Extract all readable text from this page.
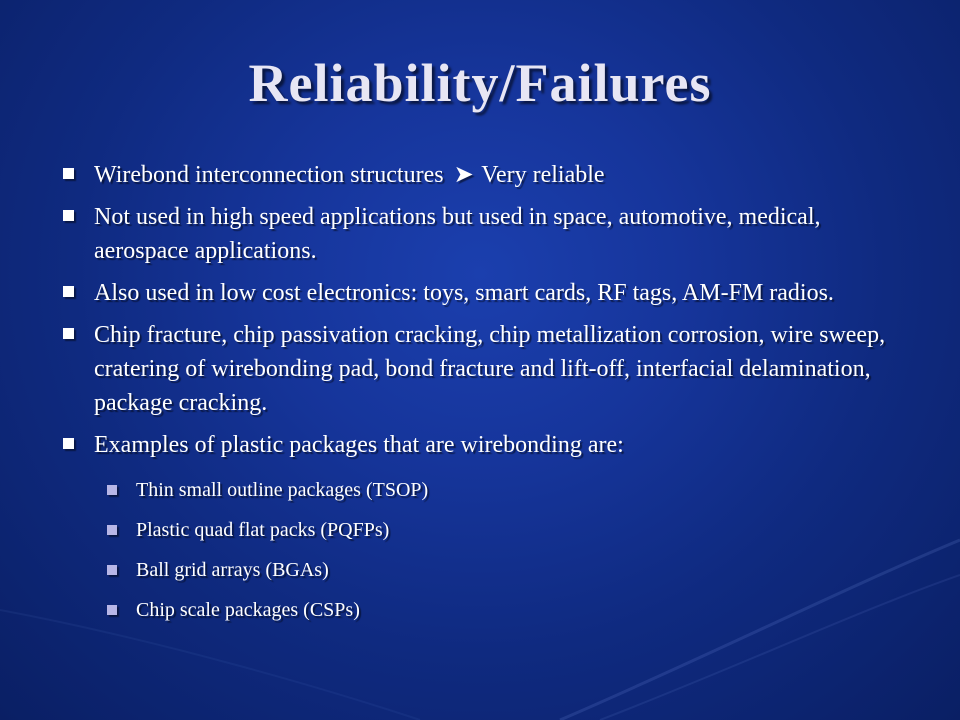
Reliability/Failures
Wirebond interconnection structures ➤ Very reliable
Not used in high speed applications but used in space, automotive, medical, aerospace applications.
Also used in low cost electronics: toys, smart cards, RF tags, AM-FM radios.
Chip fracture, chip passivation cracking, chip metallization corrosion, wire sweep, cratering of wirebonding pad, bond fracture and lift-off, interfacial delamination, package cracking.
Examples of plastic packages that are wirebonding are:
Thin small outline packages (TSOP)
Plastic quad flat packs (PQFPs)
Ball grid arrays (BGAs)
Chip scale packages (CSPs)
